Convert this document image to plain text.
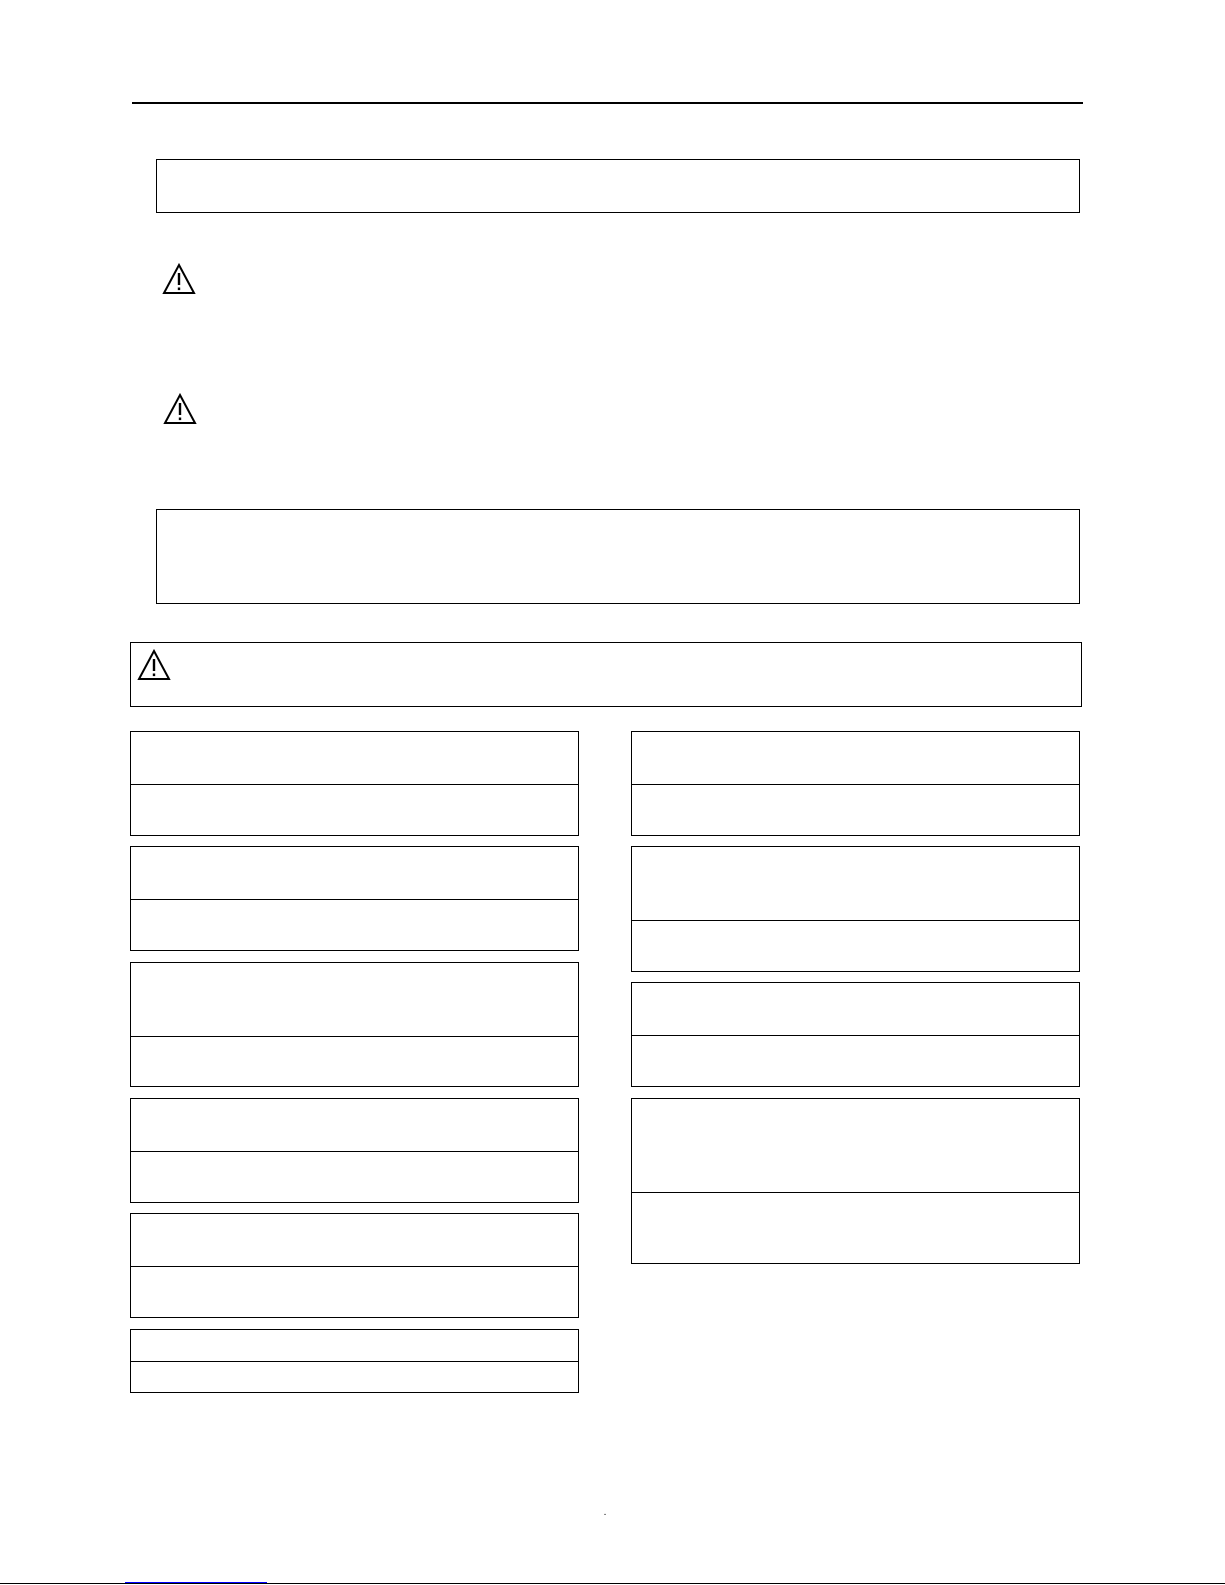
.
